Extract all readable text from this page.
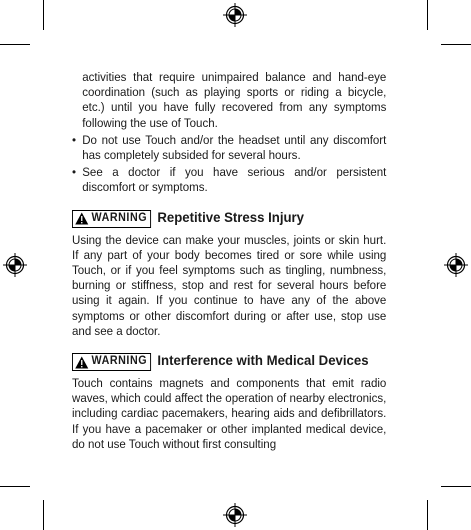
activities that require unimpaired balance and hand-eye coordination (such as playing sports or riding a bicycle, etc.) until you have fully recovered from any symptoms following the use of Touch.

• Do not use Touch and/or the headset until any discomfort has completely subsided for several hours.
• See a doctor if you have serious and/or persistent discomfort or symptoms.
WARNING Repetitive Stress Injury

Using the device can make your muscles, joints or skin hurt. If any part of your body becomes tired or sore while using Touch, or if you feel symptoms such as tingling, numbness, burning or stiffness, stop and rest for several hours before using it again. If you continue to have any of the above symptoms or other discomfort during or after use, stop use and see a doctor.

WARNING Interference with Medical Devices

Touch contains magnets and components that emit radio waves, which could affect the operation of nearby electronics, including cardiac pacemakers, hearing aids and defibrillators. If you have a pacemaker or other implanted medical device, do not use Touch without first consulting
